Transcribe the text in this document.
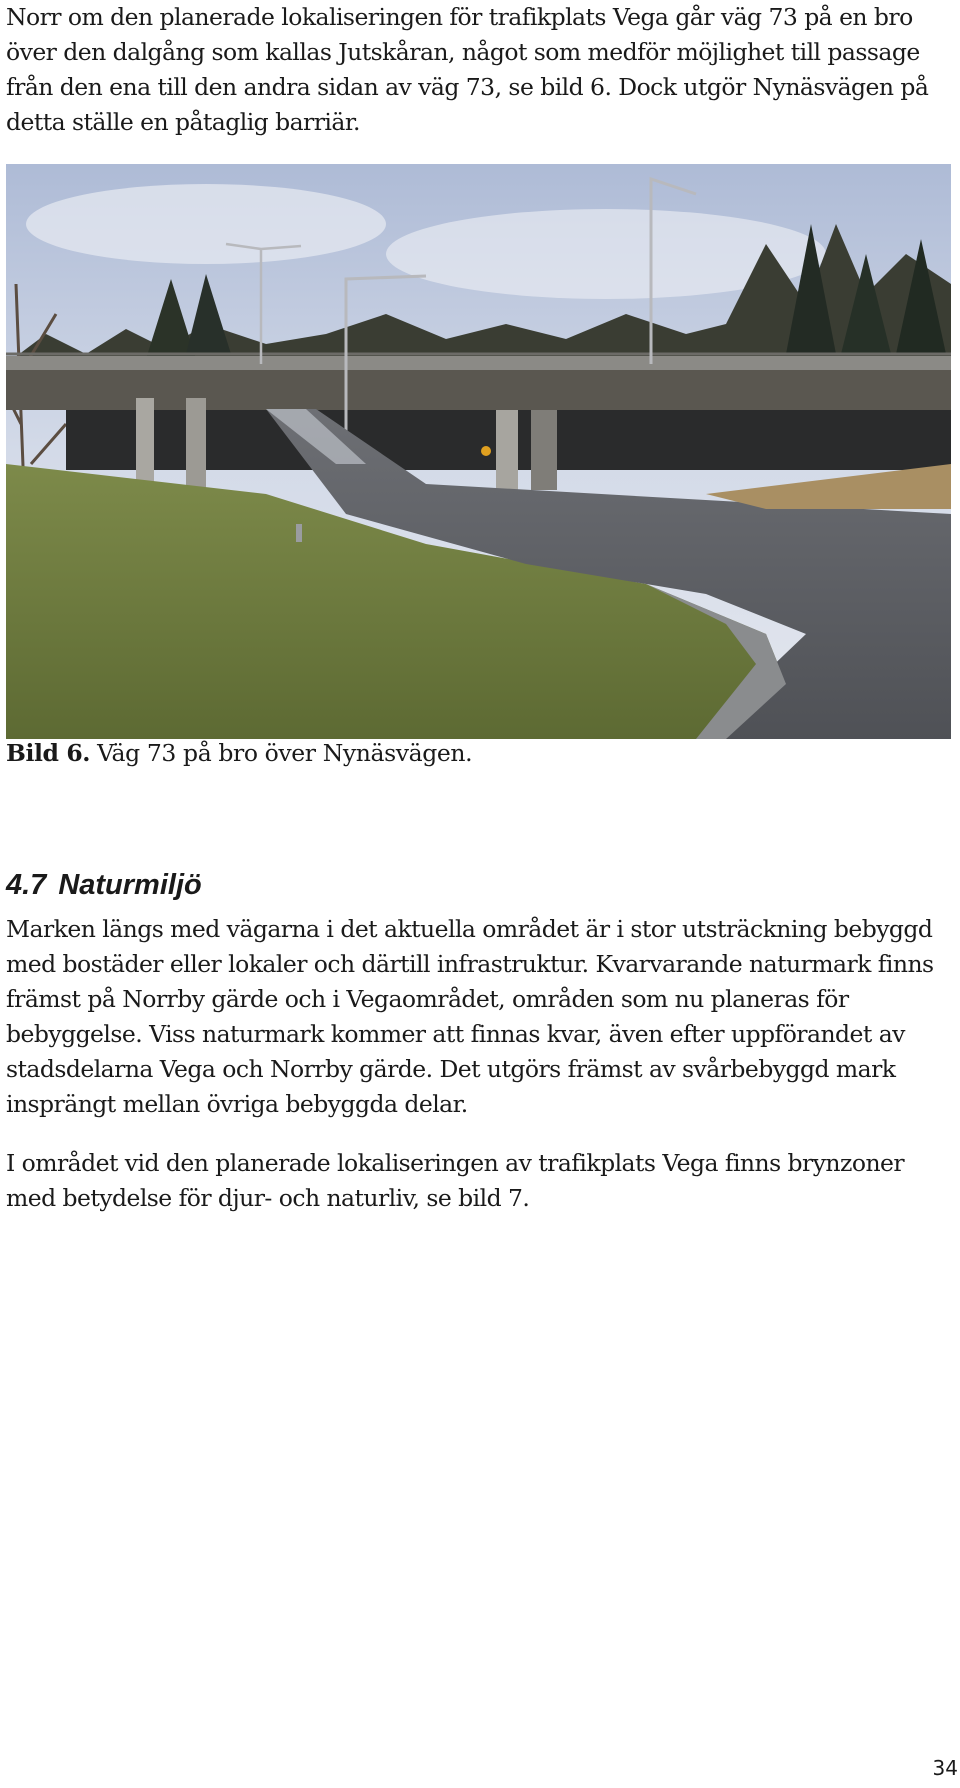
Norr om den planerade lokaliseringen för trafikplats Vega går väg 73 på en bro över den dalgång som kallas Jutskåran, något som medför möjlighet till passage från den ena till den andra sidan av väg 73, se bild 6. Dock utgör Nynäsvägen på detta ställe en påtaglig barriär.

Bild 6. Väg 73 på bro över Nynäsvägen.

4.7 Naturmiljö

Marken längs med vägarna i det aktuella området är i stor utsträckning bebyggd med bostäder eller lokaler och därtill infrastruktur. Kvarvarande naturmark finns främst på Norrby gärde och i Vegaområdet, områden som nu planeras för bebyggelse. Viss naturmark kommer att finnas kvar, även efter uppförandet av stadsdelarna Vega och Norrby gärde. Det utgörs främst av svårbebyggd mark insprängt mellan övriga bebyggda delar.

I området vid den planerade lokaliseringen av trafikplats Vega finns brynzoner med betydelse för djur- och naturliv, se bild 7.

34
